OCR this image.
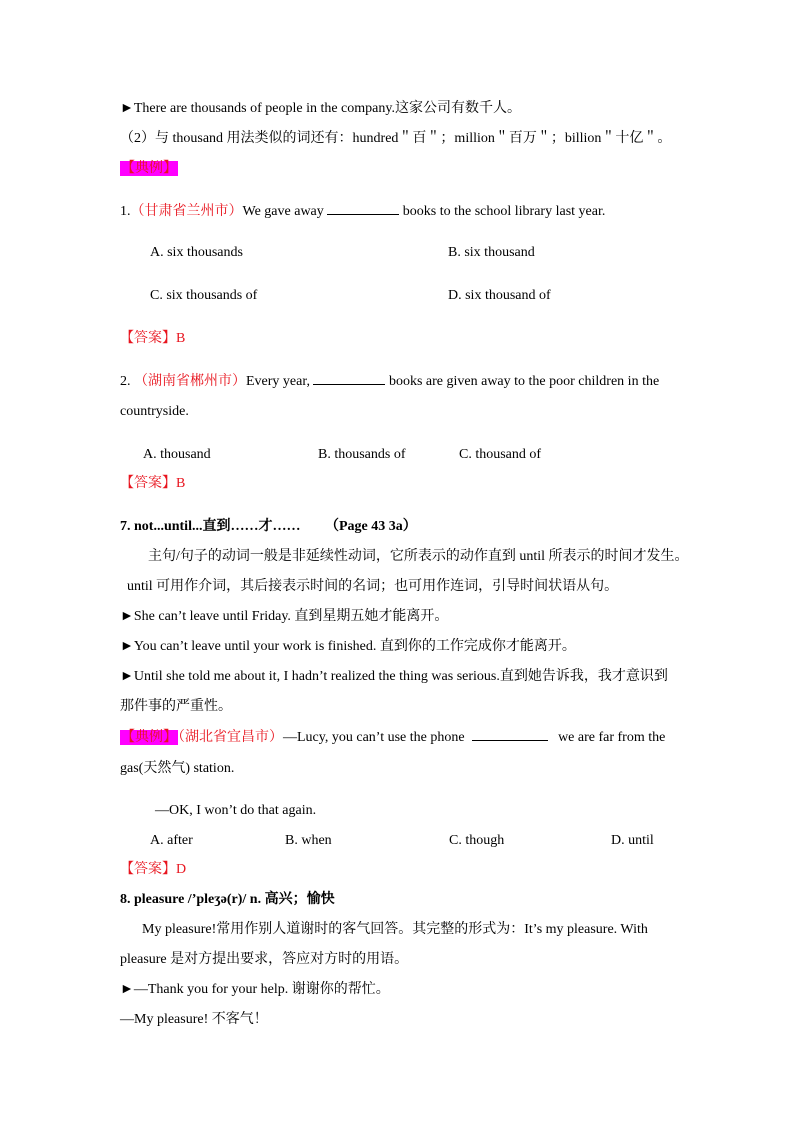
►There are thousands of people in the company.这家公司有数千人。
（2）与 thousand 用法类似的词还有：hundred＂百＂；million＂百万＂；billion＂十亿＂。
【典例】
1.（甘肃省兰州市）We gave away	books to the school library last year.
A. six thousands	B. six thousand
C. six thousands of	D. six thousand of
【答案】B
2. （湖南省郴州市）Every year,	books are given away to the poor children in the
countryside.
A. thousand	B. thousands of	C. thousand of
【答案】B
7. not...until...直到……才…… （Page 43 3a）
主句/句子的动词一般是非延续性动词，它所表示的动作直到 until 所表示的时间才发生。
until 可用作介词，其后接表示时间的名词；也可用作连词，引导时间状语从句。
►She can’t leave until Friday. 直到星期五她才能离开。
►You can’t leave until your work is finished. 直到你的工作完成你才能离开。
►Until she told me about it, I hadn’t realized the thing was serious.直到她告诉我，我才意识到
那件事的严重性。
【典例】（湖北省宜昌市）—Lucy, you can’t use the phone	we are far from the
gas(天然气) station.
—OK, I won’t do that again.
A. after	B. when	C. though	D. until
【答案】D
8. pleasure /’pleʒə(r)/ n. 高兴；愉快
My pleasure!常用作别人道谢时的客气回答。其完整的形式为：It’s my pleasure. With
pleasure 是对方提出要求，答应对方时的用语。
►—Thank you for your help. 谢谢你的帮忙。
—My pleasure! 不客气！
